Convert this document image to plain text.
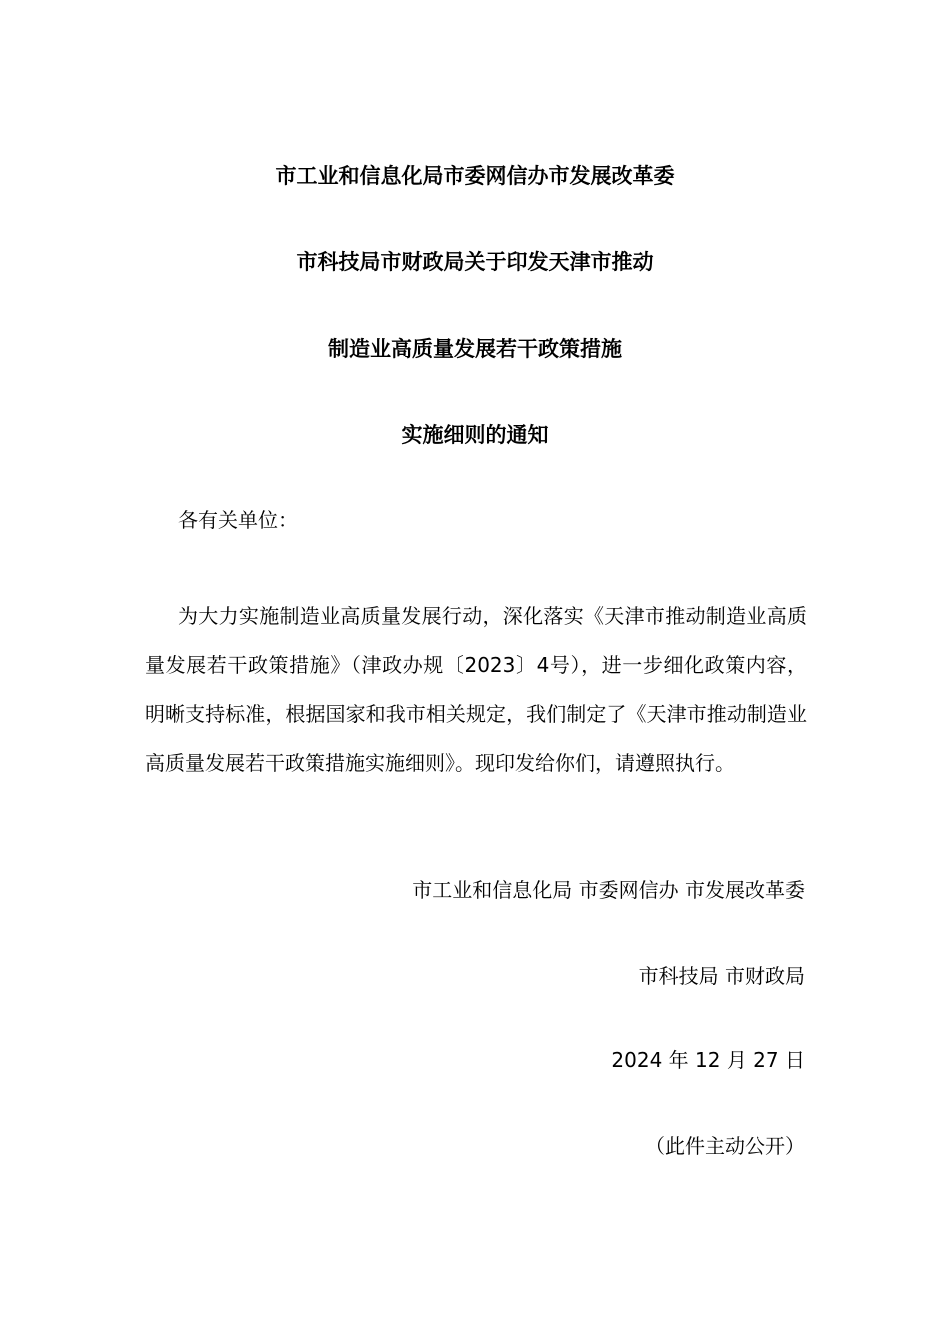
市工业和信息化局市委网信办市发展改革委
市科技局市财政局关于印发天津市推动
制造业高质量发展若干政策措施
实施细则的通知
各有关单位：

为大力实施制造业高质量发展行动，深化落实《天津市推动制造业高质量发展若干政策措施》（津政办规〔2023〕4号），进一步细化政策内容，明晰支持标准，根据国家和我市相关规定，我们制定了《天津市推动制造业高质量发展若干政策措施实施细则》。现印发给你们，请遵照执行。

市工业和信息化局 市委网信办 市发展改革委
市科技局 市财政局
2024 年 12 月 27 日
（此件主动公开）
